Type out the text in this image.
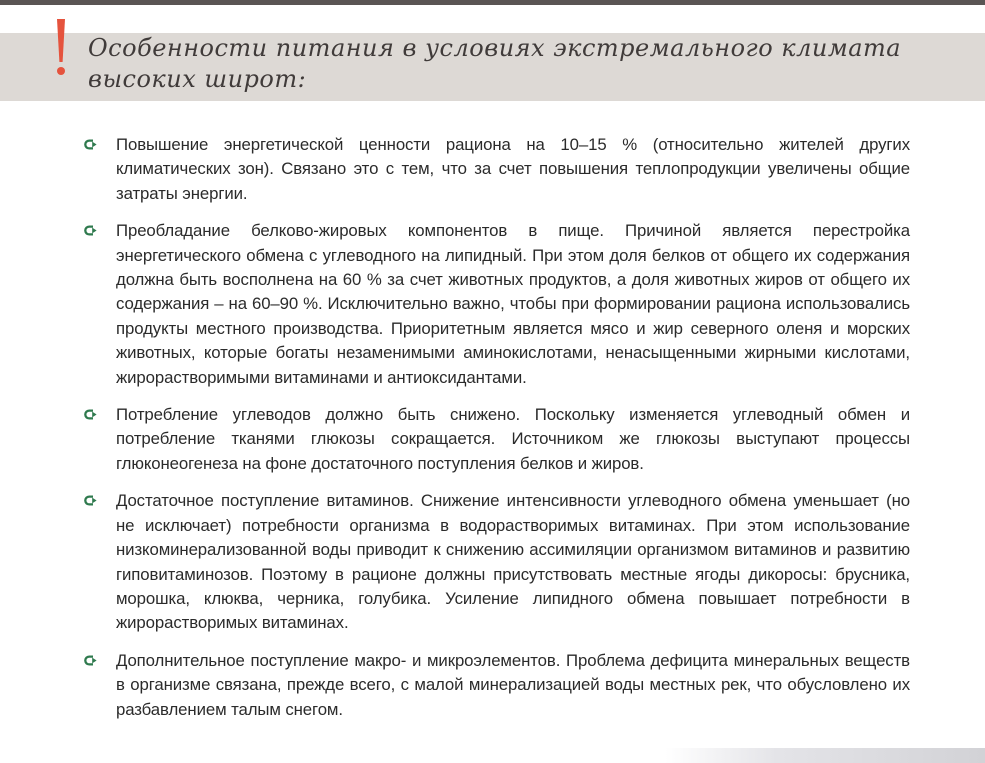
Особенности питания в условиях экстремального климата
высоких широт:
Повышение энергетической ценности рациона на 10–15 % (относительно жителей других климатических зон). Связано это с тем, что за счет повышения теплопродукции увеличены общие затраты энергии.
Преобладание белково-жировых компонентов в пище. Причиной является перестройка энергетического обмена с углеводного на липидный. При этом доля белков от общего их содержания должна быть восполнена на 60 % за счет животных продуктов, а доля животных жиров от общего их содержания – на 60–90 %. Исключительно важно, чтобы при формировании рациона использовались продукты местного производства. Приоритетным является мясо и жир северного оленя и морских животных, которые богаты незаменимыми аминокислотами, ненасыщенными жирными кислотами, жирорастворимыми витаминами и антиоксидантами.
Потребление углеводов должно быть снижено. Поскольку изменяется углеводный обмен и потребление тканями глюкозы сокращается. Источником же глюкозы выступают процессы глюконеогенеза на фоне достаточного поступления белков и жиров.
Достаточное поступление витаминов. Снижение интенсивности углеводного обмена уменьшает (но не исключает) потребности организма в водорастворимых витаминах. При этом использование низкоминерализованной воды приводит к снижению ассимиляции организмом витаминов и развитию гиповитаминозов. Поэтому в рационе должны присутствовать местные ягоды дикоросы: брусника, морошка, клюква, черника, голубика. Усиление липидного обмена повышает потребности в жирорастворимых витаминах.
Дополнительное поступление макро- и микроэлементов. Проблема дефицита минеральных веществ в организме связана, прежде всего, с малой минерализацией воды местных рек, что обусловлено их разбавлением талым снегом.
